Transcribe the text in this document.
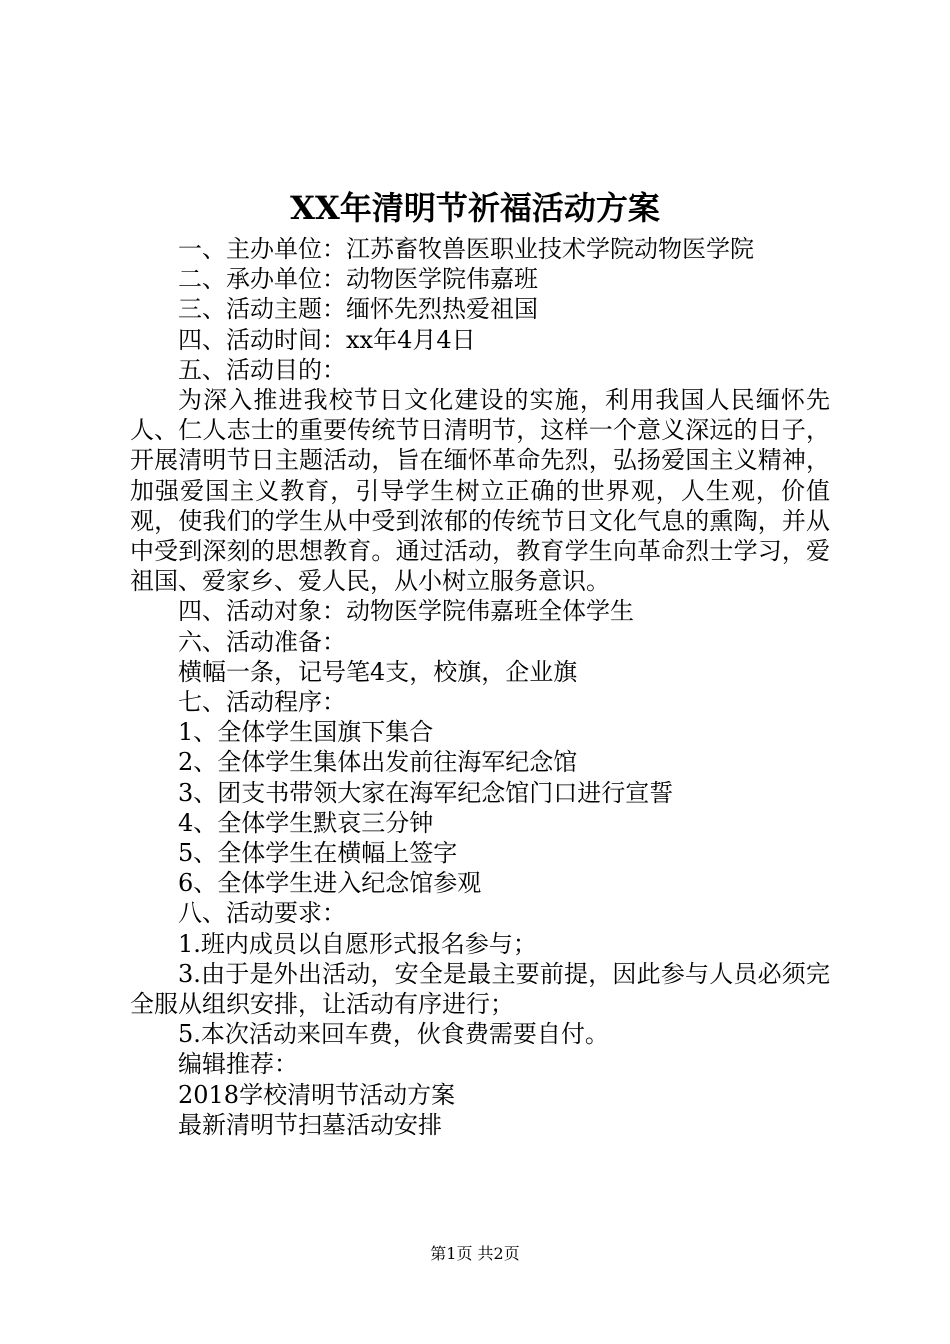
XX年清明节祈福活动方案

一、主办单位：江苏畜牧兽医职业技术学院动物医学院

二、承办单位：动物医学院伟嘉班

三、活动主题：缅怀先烈热爱祖国

四、活动时间：xx年4月4日

五、活动目的：

为深入推进我校节日文化建设的实施，利用我国人民缅怀先人、仁人志士的重要传统节日清明节，这样一个意义深远的日子，开展清明节日主题活动，旨在缅怀革命先烈，弘扬爱国主义精神，加强爱国主义教育，引导学生树立正确的世界观，人生观，价值观，使我们的学生从中受到浓郁的传统节日文化气息的熏陶，并从中受到深刻的思想教育。通过活动，教育学生向革命烈士学习，爱祖国、爱家乡、爱人民，从小树立服务意识。

四、活动对象：动物医学院伟嘉班全体学生

六、活动准备：

横幅一条，记号笔4支，校旗，企业旗

七、活动程序：

1、全体学生国旗下集合

2、全体学生集体出发前往海军纪念馆

3、团支书带领大家在海军纪念馆门口进行宣誓

4、全体学生默哀三分钟

5、全体学生在横幅上签字

6、全体学生进入纪念馆参观

八、活动要求：

1.班内成员以自愿形式报名参与；

3.由于是外出活动，安全是最主要前提，因此参与人员必须完全服从组织安排，让活动有序进行；

5.本次活动来回车费，伙食费需要自付。

编辑推荐：

2018学校清明节活动方案

最新清明节扫墓活动安排

第1页 共2页
